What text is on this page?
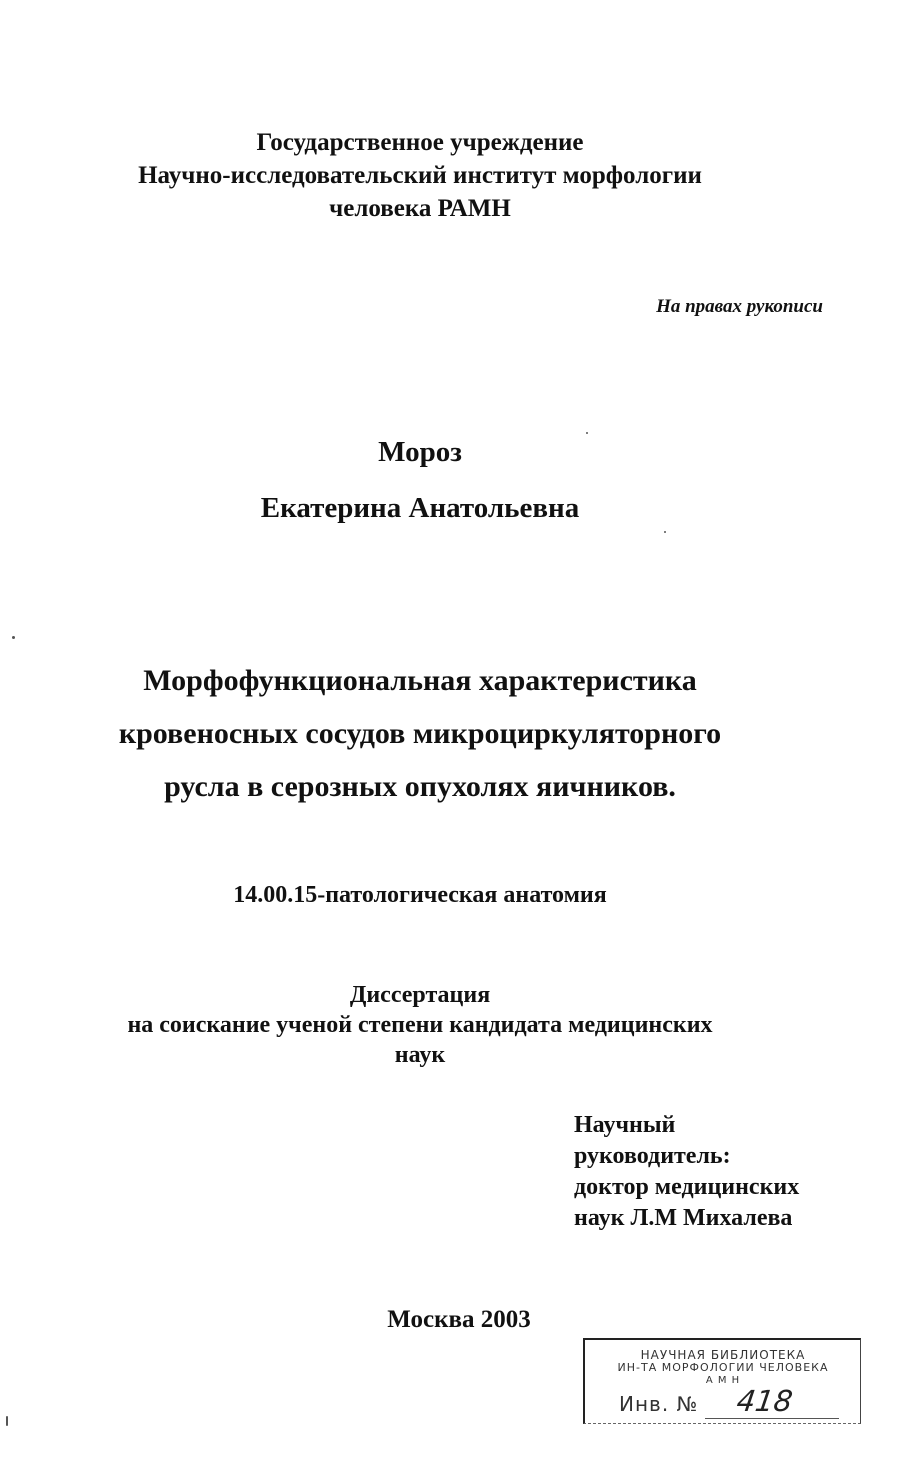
Государственное учреждение
Научно-исследовательский институт морфологии
человека РАМН
На правах рукописи
Мороз
Екатерина Анатольевна
Морфофункциональная характеристика
кровеносных сосудов микроциркуляторного
русла в серозных опухолях яичников.
14.00.15-патологическая анатомия
Диссертация
на соискание ученой степени кандидата медицинских
наук
Научный
руководитель:
доктор медицинских
наук Л.М Михалева
Москва 2003
НАУЧНАЯ БИБЛИОТЕКА
ИН-ТА МОРФОЛОГИИ ЧЕЛОВЕКА
А М Н
Инв. № 418
